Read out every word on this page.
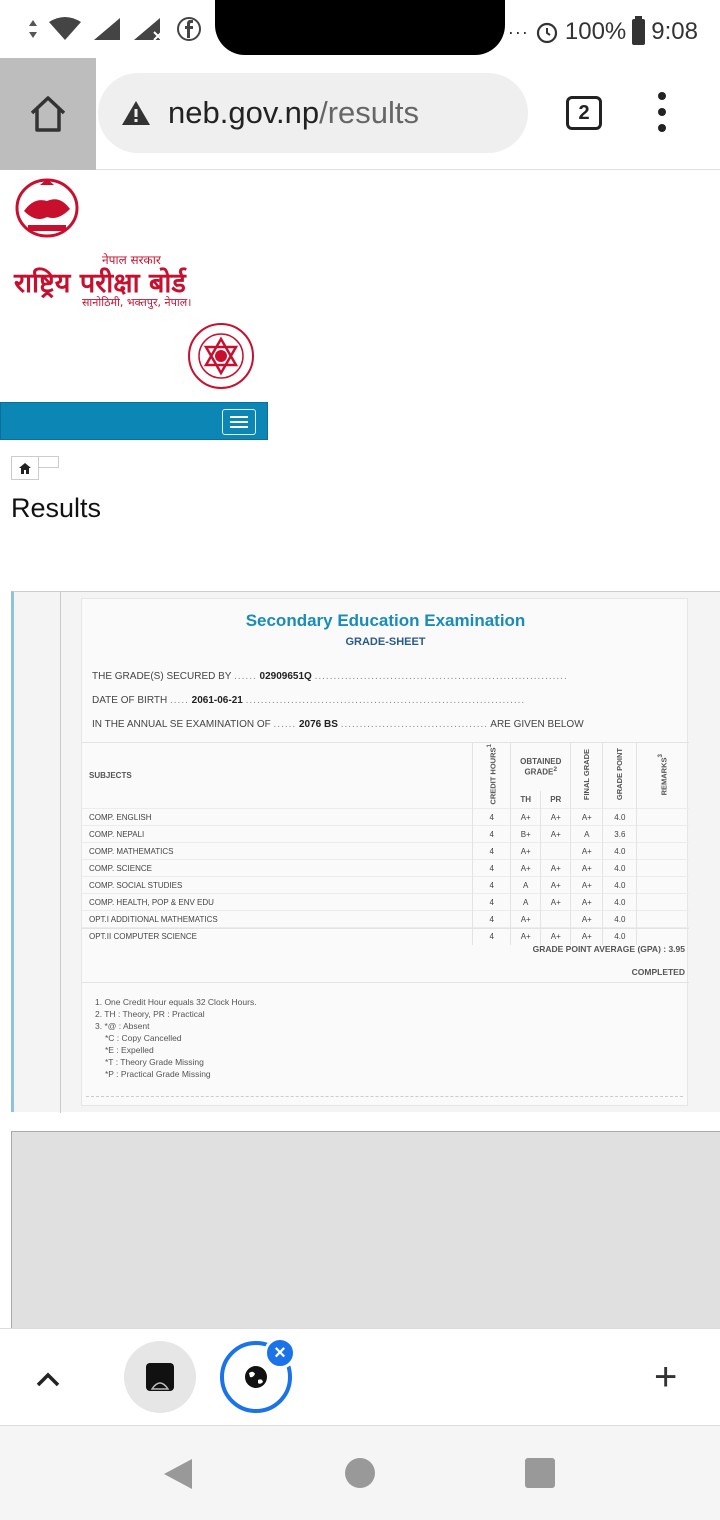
··· 100% 9:08
neb.gov.np/results	2
नेपाल सरकार
राष्ट्रिय परीक्षा बोर्ड
सानोठिमी, भक्तपुर, नेपाल।
Results
Secondary Education Examination
GRADE-SHEET
THE GRADE(S) SECURED BY ...... 02909651Q ...................................................................
DATE OF BIRTH ..... 2061-06-21 ..........................................................................
IN THE ANNUAL SE EXAMINATION OF ...... 2076 BS ....................................... ARE GIVEN BELOW
SUBJECTS	CREDIT HOURS$^1$	OBTAINED GRADE$^2$		FINAL GRADE	GRADE POINT	REMARKS$^3$
		TH	PR			
COMP. ENGLISH	4	A+	A+	A+	4.0	
COMP. NEPALI	4	B+	A+	A	3.6	
COMP. MATHEMATICS	4	A+		A+	4.0	
COMP. SCIENCE	4	A+	A+	A+	4.0	
COMP. SOCIAL STUDIES	4	A	A+	A+	4.0	
COMP. HEALTH, POP & ENV EDU	4	A	A+	A+	4.0	
OPT.I ADDITIONAL MATHEMATICS	4	A+		A+	4.0	
OPT.II COMPUTER SCIENCE	4	A+	A+	A+	4.0	
GRADE POINT AVERAGE (GPA) : 3.95
COMPLETED
1. One Credit Hour equals 32 Clock Hours.
2. TH : Theory, PR : Practical
3. *@ : Absent
*C : Copy Cancelled
*E : Expelled
*T : Theory Grade Missing
*P : Practical Grade Missing
×
+
